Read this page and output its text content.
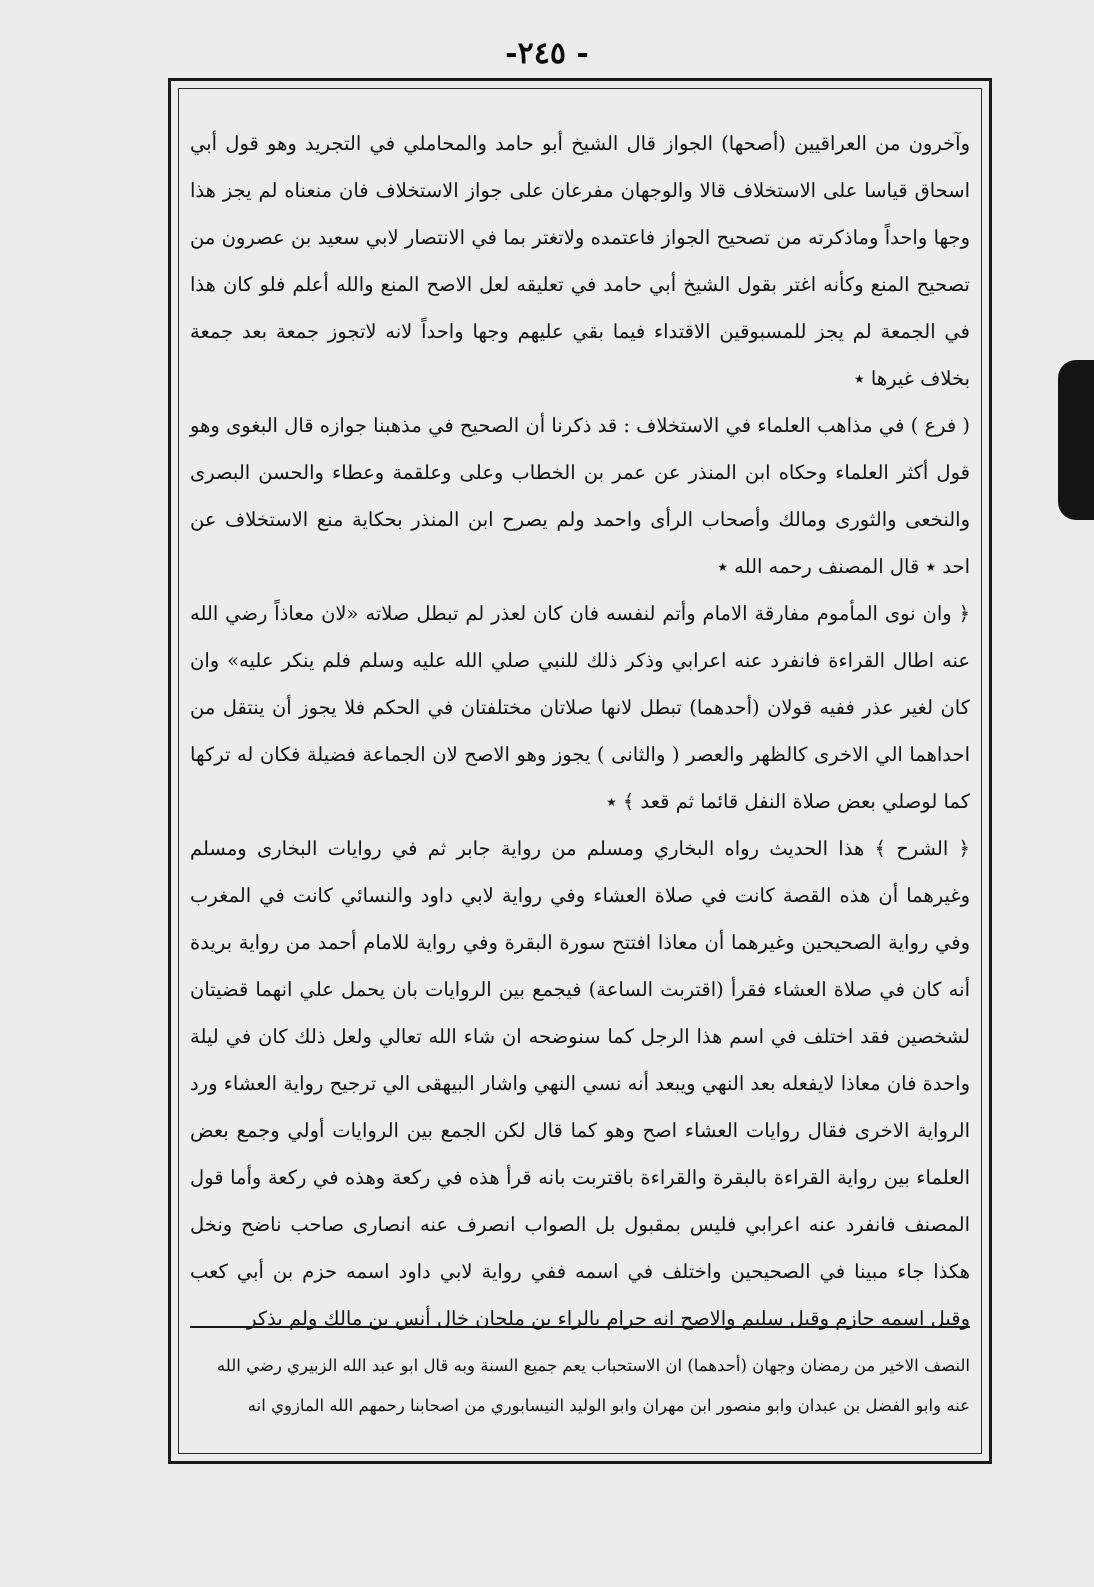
-٢٤٥ -

وآخرون من العراقيين (أصحها) الجواز قال الشيخ أبو حامد والمحاملي في التجريد وهو قول أبي اسحاق قياسا على الاستخلاف قالا والوجهان مفرعان على جواز الاستخلاف فان منعناه لم يجز هذا وجها واحداً وماذكرته من تصحيح الجواز فاعتمده ولاتغتر بما في الانتصار لابي سعيد بن عصرون من تصحيح المنع وكأنه اغتر بقول الشيخ أبي حامد في تعليقه لعل الاصح المنع والله أعلم فلو كان هذا في الجمعة لم يجز للمسبوقين الاقتداء فيما بقي عليهم وجها واحداً لانه لاتجوز جمعة بعد جمعة بخلاف غيرها ٭

( فرع ) في مذاهب العلماء في الاستخلاف : قد ذكرنا أن الصحيح في مذهبنا جوازه قال البغوى وهو قول أكثر العلماء وحكاه ابن المنذر عن عمر بن الخطاب وعلى وعلقمة وعطاء والحسن البصرى والنخعى والثورى ومالك وأصحاب الرأى واحمد ولم يصرح ابن المنذر بحكاية منع الاستخلاف عن احد ٭ قال المصنف رحمه الله ٭

﴿ وان نوى المأموم مفارقة الامام وأتم لنفسه فان كان لعذر لم تبطل صلاته «لان معاذاً رضي الله عنه اطال القراءة فانفرد عنه اعرابي وذكر ذلك للنبي صلي الله عليه وسلم فلم ينكر عليه» وان كان لغير عذر ففيه قولان (أحدهما) تبطل لانها صلاتان مختلفتان في الحكم فلا يجوز أن ينتقل من احداهما الي الاخرى كالظهر والعصر ( والثانى ) يجوز وهو الاصح لان الجماعة فضيلة فكان له تركها كما لوصلي بعض صلاة النفل قائما ثم قعد ﴾ ٭

﴿ الشرح ﴾ هذا الحديث رواه البخاري ومسلم من رواية جابر ثم في روايات البخارى ومسلم وغيرهما أن هذه القصة كانت في صلاة العشاء وفي رواية لابي داود والنسائي كانت في المغرب وفي رواية الصحيحين وغيرهما أن معاذا افتتح سورة البقرة وفي رواية للامام أحمد من رواية بريدة أنه كان في صلاة العشاء فقرأ (اقتربت الساعة) فيجمع بين الروايات بان يحمل علي انهما قضيتان لشخصين فقد اختلف في اسم هذا الرجل كما سنوضحه ان شاء الله تعالي ولعل ذلك كان في ليلة واحدة فان معاذا لايفعله بعد النهي ويبعد أنه نسي النهي واشار البيهقى الي ترجيح رواية العشاء ورد الرواية الاخرى فقال روايات العشاء اصح وهو كما قال لكن الجمع بين الروايات أولي وجمع بعض العلماء بين رواية القراءة بالبقرة والقراءة باقتربت بانه قرأ هذه في ركعة وهذه في ركعة وأما قول المصنف فانفرد عنه اعرابي فليس بمقبول بل الصواب انصرف عنه انصارى صاحب ناضح ونخل هكذا جاء مبينا في الصحيحين واختلف في اسمه ففي رواية لابي داود اسمه حزم بن أبي كعب وقيل اسمه حازم وقيل سليم والاصح انه حرام بالراء بن ملحان خال أنس بن مالك ولم يذكر

النصف الاخير من رمضان وجهان (أحدهما) ان الاستحباب يعم جميع السنة وبه قال ابو عبد الله الزبيري رضي الله

عنه وابو الفضل بن عبدان وابو منصور ابن مهران وابو الوليد النيسابوري من اصحابنا رحمهم الله المازوي انه
